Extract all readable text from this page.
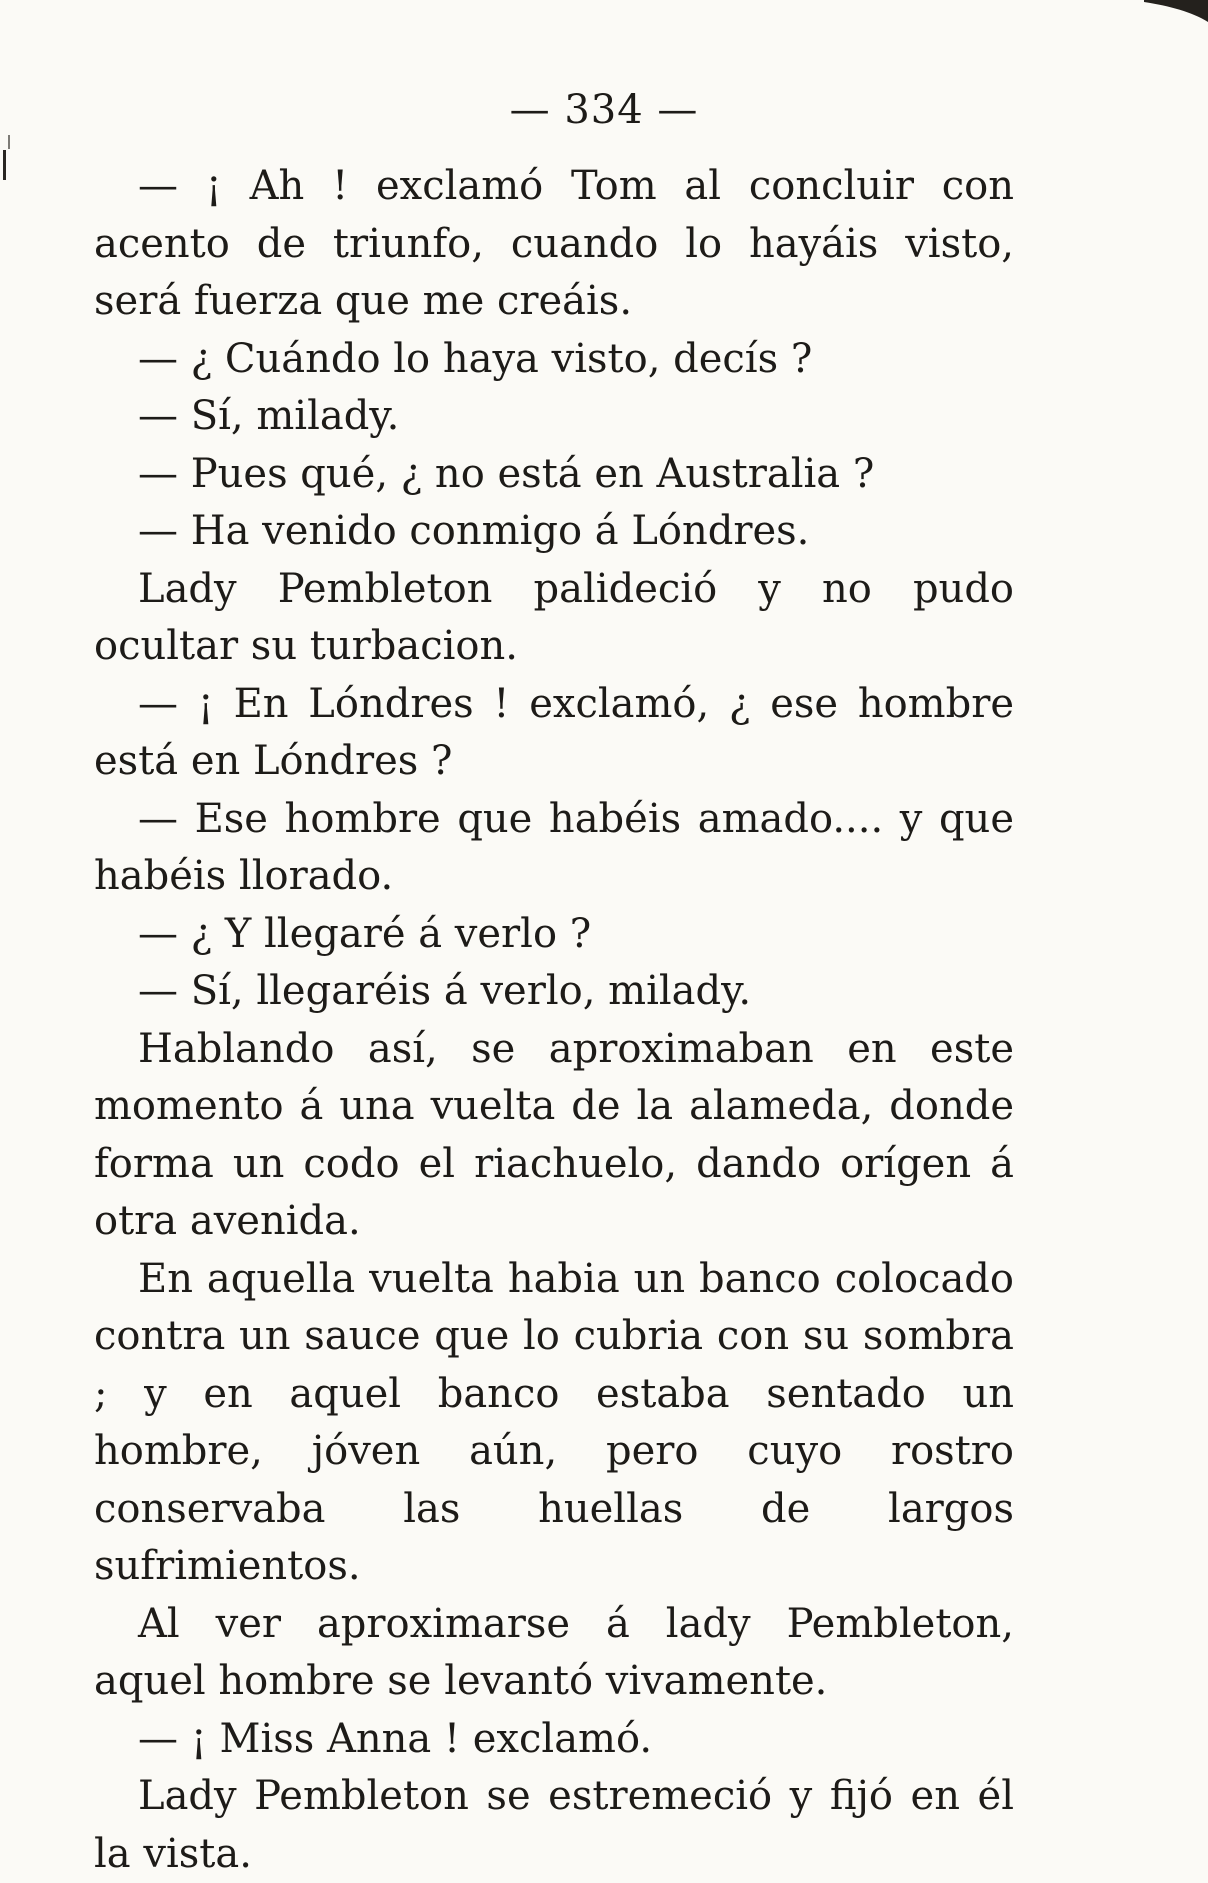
— 334 —

— ¡ Ah ! exclamó Tom al concluir con acento de triunfo, cuando lo hayáis visto, será fuerza que me creáis.

— ¿ Cuándo lo haya visto, decís ?

— Sí, milady.

— Pues qué, ¿ no está en Australia ?

— Ha venido conmigo á Lóndres.

Lady Pembleton palideció y no pudo ocultar su turbacion.

— ¡ En Lóndres ! exclamó, ¿ ese hombre está en Lóndres ?

— Ese hombre que habéis amado.... y que habéis llorado.

— ¿ Y llegaré á verlo ?

— Sí, llegaréis á verlo, milady.

Hablando así, se aproximaban en este momento á una vuelta de la alameda, donde forma un codo el riachuelo, dando orígen á otra avenida.

En aquella vuelta habia un banco colocado contra un sauce que lo cubria con su sombra ; y en aquel banco estaba sentado un hombre, jóven aún, pero cuyo rostro conservaba las huellas de largos sufrimientos.

Al ver aproximarse á lady Pembleton, aquel hombre se levantó vivamente.

— ¡ Miss Anna ! exclamó.

Lady Pembleton se estremeció y fijó en él la vista.
